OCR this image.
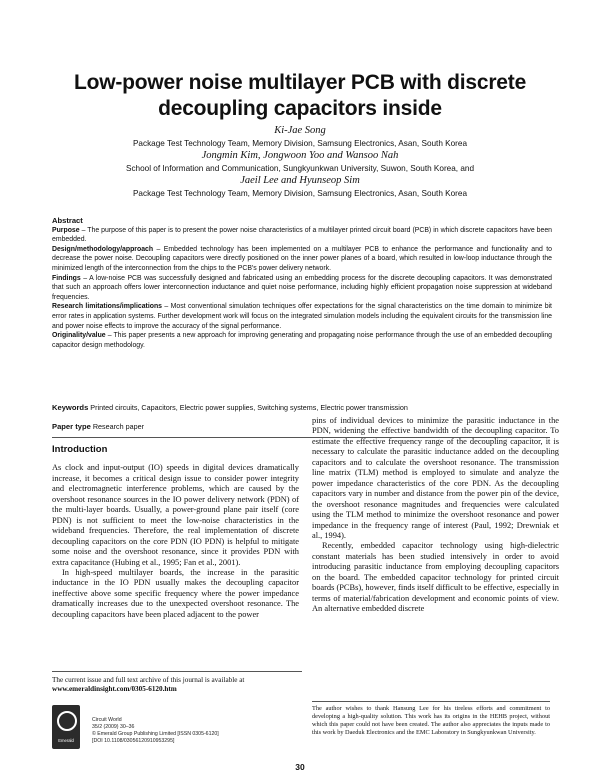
Low-power noise multilayer PCB with discrete decoupling capacitors inside
Ki-Jae Song
Package Test Technology Team, Memory Division, Samsung Electronics, Asan, South Korea
Jongmin Kim, Jongwoon Yoo and Wansoo Nah
School of Information and Communication, Sungkyunkwan University, Suwon, South Korea, and
Jaeil Lee and Hyunseop Sim
Package Test Technology Team, Memory Division, Samsung Electronics, Asan, South Korea
Abstract
Purpose – The purpose of this paper is to present the power noise characteristics of a multilayer printed circuit board (PCB) in which discrete capacitors have been embedded.
Design/methodology/approach – Embedded technology has been implemented on a multilayer PCB to enhance the performance and functionality and to decrease the power noise. Decoupling capacitors were directly positioned on the inner power planes of a board, which resulted in low-loop inductance through the minimized length of the interconnection from the chips to the PCB's power delivery network.
Findings – A low-noise PCB was successfully designed and fabricated using an embedding process for the discrete decoupling capacitors. It was demonstrated that such an approach offers lower interconnection inductance and quiet noise performance, including highly efficient propagation noise suppression at wideband frequencies.
Research limitations/implications – Most conventional simulation techniques offer expectations for the signal characteristics on the time domain to minimize bit error rates in application systems. Further development work will focus on the integrated simulation models including the equivalent circuits for the transmission line and power noise effects to improve the accuracy of the signal performance.
Originality/value – This paper presents a new approach for improving generating and propagating noise performance through the use of an embedded decoupling capacitor design methodology.
Keywords Printed circuits, Capacitors, Electric power supplies, Switching systems, Electric power transmission
Paper type Research paper
Introduction

As clock and input-output (IO) speeds in digital devices dramatically increase, it becomes a critical design issue to consider power integrity and electromagnetic interference problems, which are caused by the overshoot resonance sources in the IO power delivery network (PDN) of the multi-layer boards. Usually, a power-ground plane pair itself (core PDN) is not sufficient to meet the low-noise characteristics in the wideband frequencies. Therefore, the real implementation of discrete decoupling capacitors on the core PDN (IO PDN) is helpful to mitigate some noise and the overshoot resonance, since it provides PDN with extra capacitance (Hubing et al., 1995; Fan et al., 2001).

In high-speed multilayer boards, the increase in the parasitic inductance in the IO PDN usually makes the decoupling capacitor ineffective above some specific frequency where the power impedance dramatically increases due to the unexpected overshoot resonance. The decoupling capacitors have been placed adjacent to the power

pins of individual devices to minimize the parasitic inductance in the PDN, widening the effective bandwidth of the decoupling capacitor. To estimate the effective frequency range of the decoupling capacitor, it is necessary to calculate the parasitic inductance added on the decoupling capacitors and to calculate the overshoot resonance. The transmission line matrix (TLM) method is employed to simulate and analyze the power impedance characteristics of the core PDN. As the decoupling capacitors vary in number and distance from the power pin of the device, the overshoot resonance magnitudes and frequencies were calculated using the TLM method to minimize the overshoot resonance and power impedance in the frequency range of interest (Paul, 1992; Drewniak et al., 1994).

Recently, embedded capacitor technology using high-dielectric constant materials has been studied intensively in order to avoid introducing parasitic inductance from employing decoupling capacitors on the board. The embedded capacitor technology for printed circuit boards (PCBs), however, finds itself difficult to be effective, especially in terms of material/fabrication development and economic points of view. An alternative embedded discrete

The current issue and full text archive of this journal is available at
www.emeraldinsight.com/0305-6120.htm
Emerald
Circuit World
35/2 (2009) 30–36
© Emerald Group Publishing Limited [ISSN 0305-6120]
[DOI 10.1108/03056120910953295]
The author wishes to thank Hansung Lee for his tireless efforts and commitment to developing a high-quality solution. This work has its origins in the HEHB project, without which this paper could not have been created. The author also appreciates the inputs made to this work by Daeduk Electronics and the EMC Laboratory in Sungkyunkwan University.
30
